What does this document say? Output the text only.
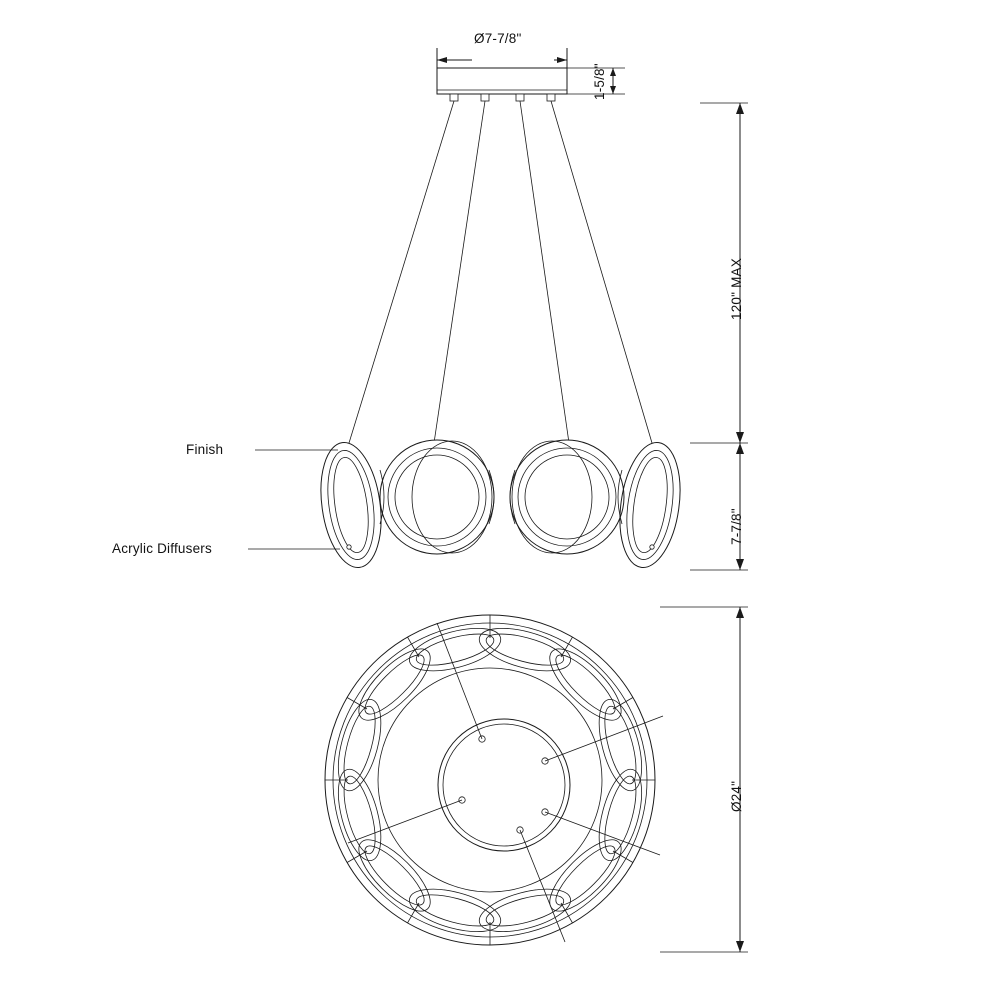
Ø7-7/8"
1-5/8"
120" MAX
7-7/8"
Ø24"
Finish
Acrylic Diffusers
